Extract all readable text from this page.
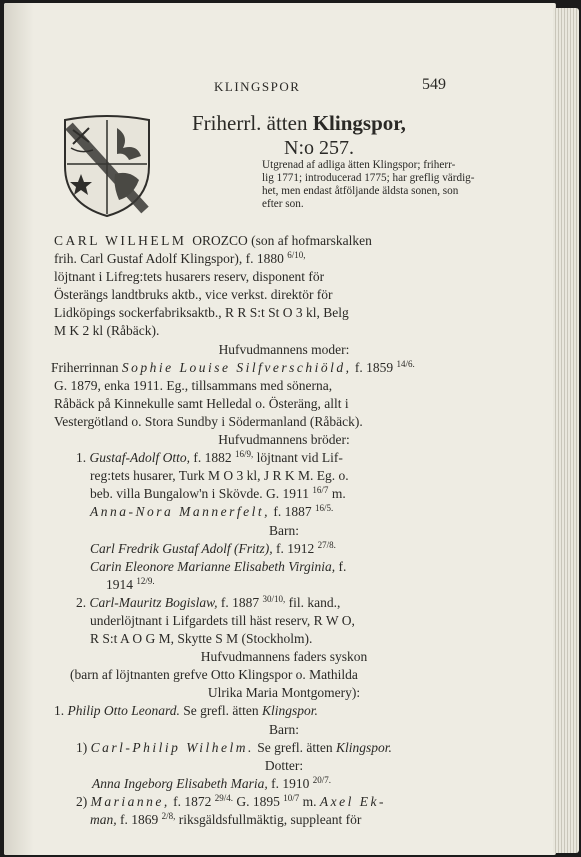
KLINGSPOR	549
Friherrl. ätten Klingspor,
N:o 257.
Utgrenad af adliga ätten Klingspor; friherr-
lig 1771; introducerad 1775; har greflig värdig-
het, men endast åtföljande äldsta sonen, son
efter son.
CARL WILHELM OROZCO (son af hofmarskalken
frih. Carl Gustaf Adolf Klingspor), f. 1880 $^{6/10,}$
löjtnant i Lifreg:tets husarers reserv, disponent för
Österängs landtbruks aktb., vice verkst. direktör för
Lidköpings sockerfabriksaktb., R R S:t St O 3 kl, Belg
M K 2 kl (Råbäck).
Hufvudmannens moder:
Friherrinnan Sophie Louise Silfverschiöld, f. 1859 $^{14/6.}$
G. 1879, enka 1911. Eg., tillsammans med sönerna,
Råbäck på Kinnekulle samt Helledal o. Österäng, allt i
Vestergötland o. Stora Sundby i Södermanland (Råbäck).
Hufvudmannens bröder:
1. Gustaf-Adolf Otto, f. 1882 $^{16/9,}$ löjtnant vid Lif-
reg:tets husarer, Turk M O 3 kl, J R K M. Eg. o.
beb. villa Bungalow'n i Skövde. G. 1911 $^{16/7}$ m.
Anna-Nora Mannerfelt, f. 1887 $^{16/5.}$
Barn:
Carl Fredrik Gustaf Adolf (Fritz), f. 1912 $^{27/8.}$
Carin Eleonore Marianne Elisabeth Virginia, f.
1914 $^{12/9.}$
2. Carl-Mauritz Bogislaw, f. 1887 $^{30/10,}$ fil. kand.,
underlöjtnant i Lifgardets till häst reserv, R W O,
R S:t A O G M, Skytte S M (Stockholm).
Hufvudmannens faders syskon
(barn af löjtnanten grefve Otto Klingspor o. Mathilda
Ulrika Maria Montgomery):
1. Philip Otto Leonard. Se grefl. ätten Klingspor.
Barn:
1) Carl-Philip Wilhelm. Se grefl. ätten Klingspor.
Dotter:
Anna Ingeborg Elisabeth Maria, f. 1910 $^{20/7.}$
2) Marianne, f. 1872 $^{29/4.}$ G. 1895 $^{10/7}$ m. Axel Ek-
man, f. 1869 $^{2/8,}$ riksgäldsfullmäktig, suppleant för
